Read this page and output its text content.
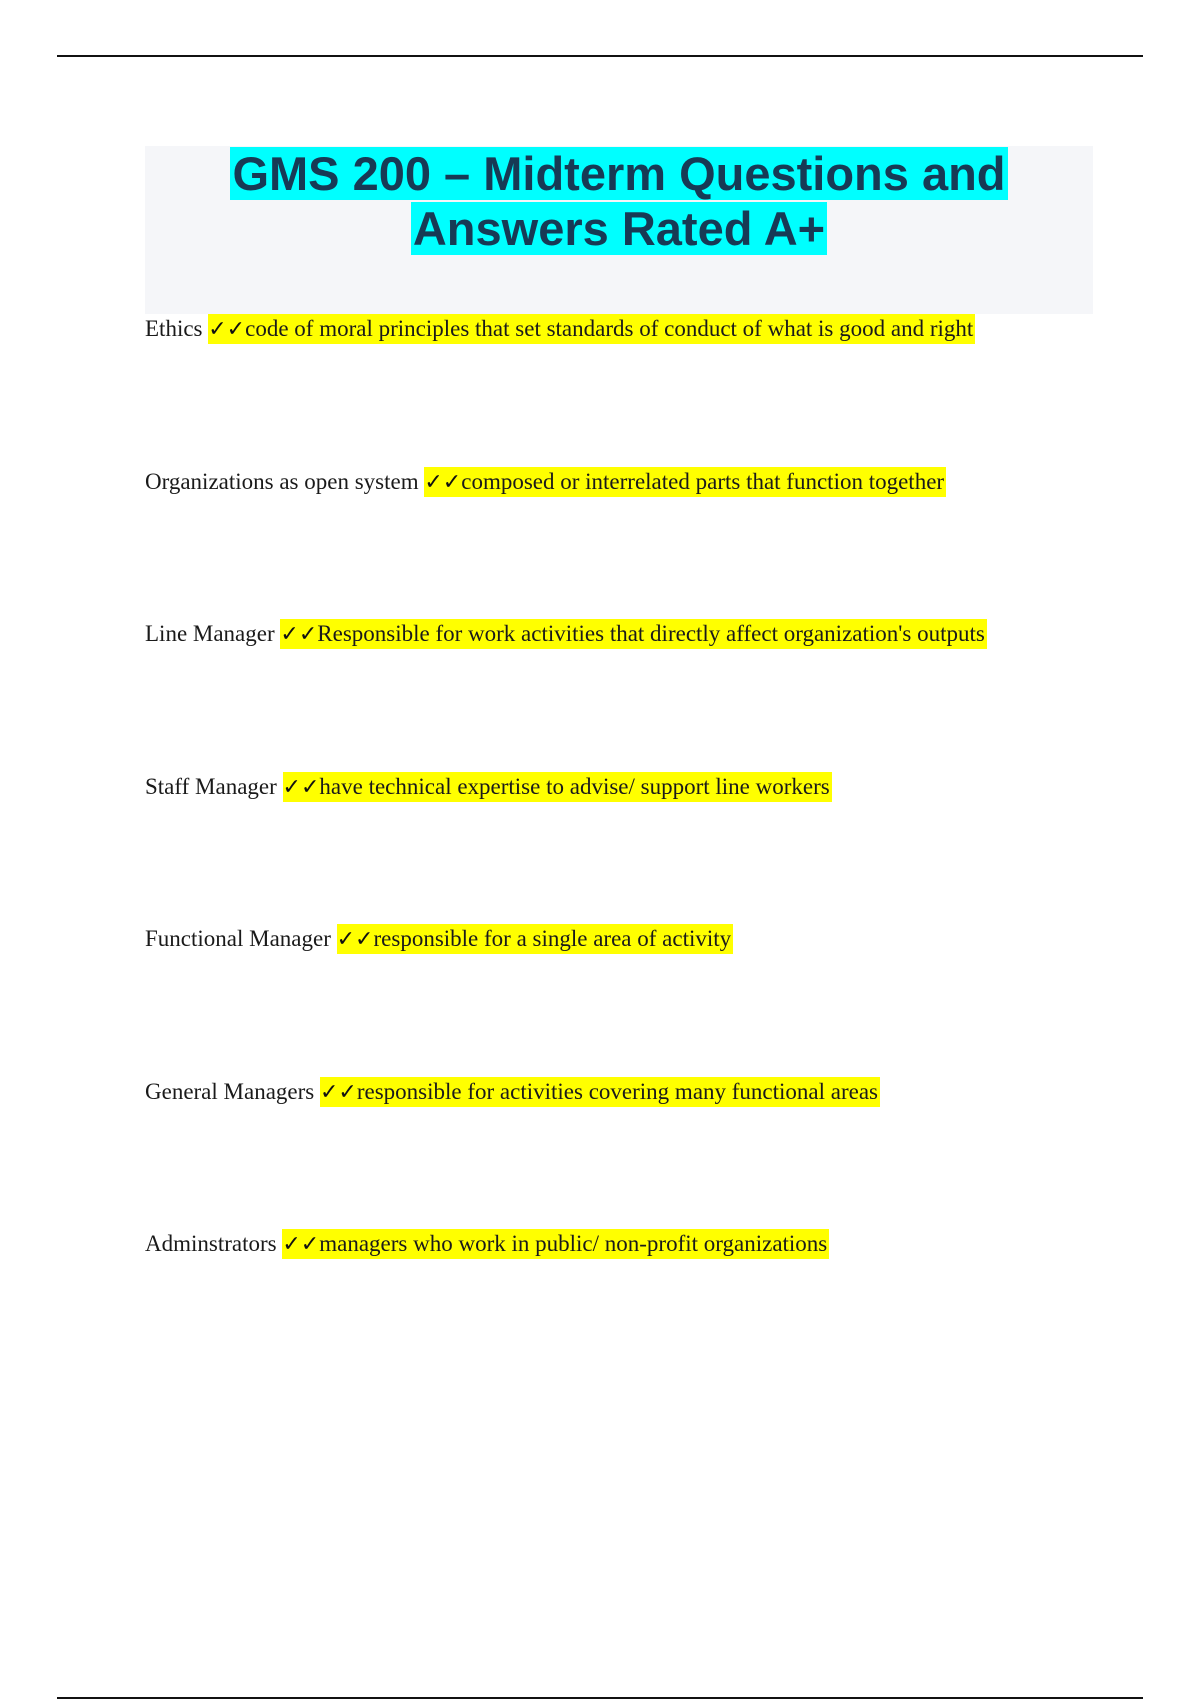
GMS 200 – Midterm Questions and
Answers Rated A+
Ethics ✓✓code of moral principles that set standards of conduct of what is good and right
Organizations as open system ✓✓composed or interrelated parts that function together
Line Manager ✓✓Responsible for work activities that directly affect organization's outputs
Staff Manager ✓✓have technical expertise to advise/ support line workers
Functional Manager ✓✓responsible for a single area of activity
General Managers ✓✓responsible for activities covering many functional areas
Adminstrators ✓✓managers who work in public/ non-profit organizations
